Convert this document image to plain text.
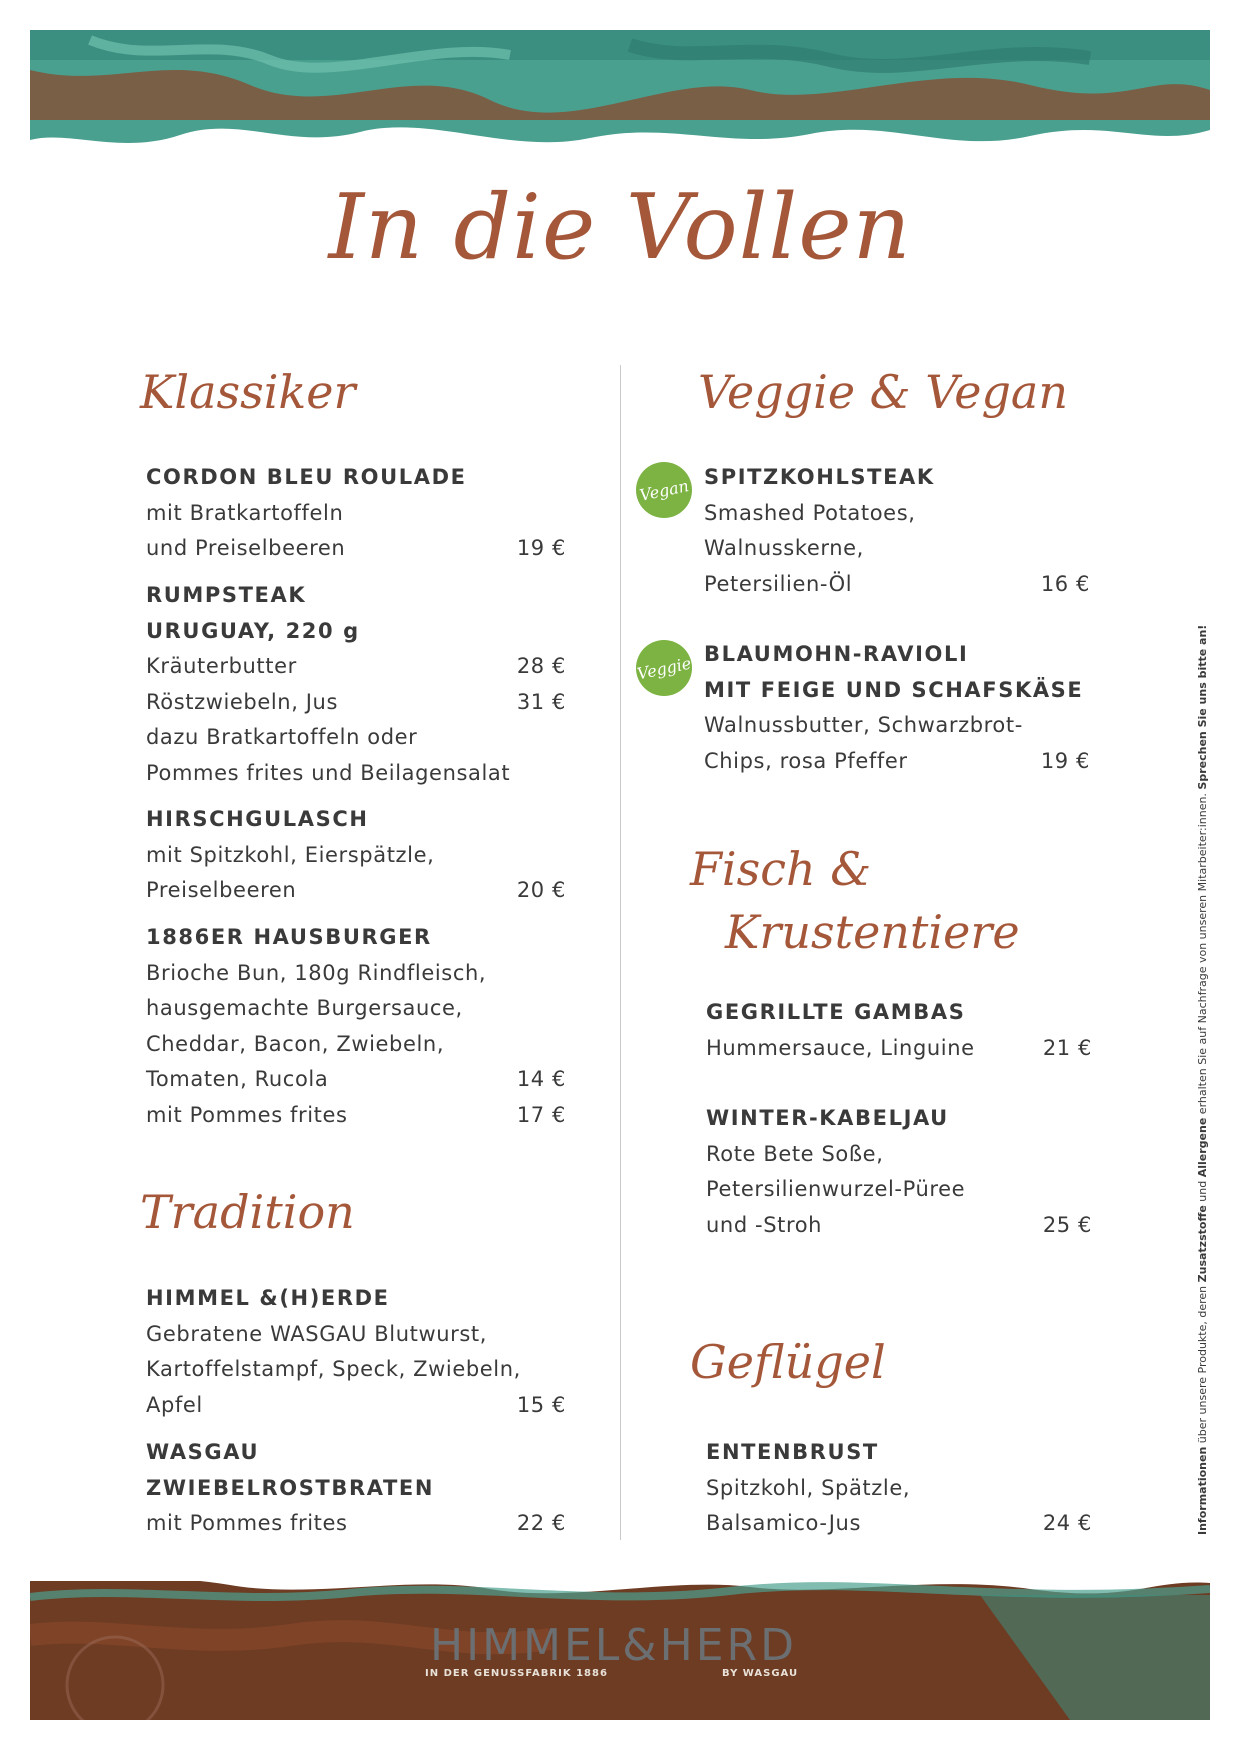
In die Vollen
Klassiker
CORDON BLEU ROULADE
mit Bratkartoffeln
und Preiselbeeren	19 €
RUMPSTEAK
URUGUAY, 220 g
Kräuterbutter	28 €
Röstzwiebeln, Jus	31 €
dazu Bratkartoffeln oder
Pommes frites und Beilagensalat
HIRSCHGULASCH
mit Spitzkohl, Eierspätzle,
Preiselbeeren	20 €
1886ER HAUSBURGER
Brioche Bun, 180g Rindfleisch,
hausgemachte Burgersauce,
Cheddar, Bacon, Zwiebeln,
Tomaten, Rucola	14 €
mit Pommes frites	17 €
Tradition
HIMMEL &(H)ERDE
Gebratene WASGAU Blutwurst,
Kartoffelstampf, Speck, Zwiebeln,
Apfel	15 €
WASGAU
ZWIEBELROSTBRATEN
mit Pommes frites	22 €
Veggie & Vegan
Vegan SPITZKOHLSTEAK
Smashed Potatoes,
Walnusskerne,
Petersilien-Öl	16 €
Veggie BLAUMOHN-RAVIOLI
MIT FEIGE UND SCHAFSKÄSE
Walnussbutter, Schwarzbrot-
Chips, rosa Pfeffer	19 €
Fisch &
Krustentiere
GEGRILLTE GAMBAS
Hummersauce, Linguine	21 €
WINTER-KABELJAU
Rote Bete Soße,
Petersilienwurzel-Püree
und -Stroh	25 €
Geflügel
ENTENBRUST
Spitzkohl, Spätzle,
Balsamico-Jus	24 €	Informationen über unsere Produkte, deren Zusatzstoffe und Allergene erhalten Sie auf Nachfrage von unseren Mitarbeiter:innen. Sprechen Sie uns bitte an!
HIMMEL&HERD
IN DER GENUSSFABRIK 1886	BY WASGAU
